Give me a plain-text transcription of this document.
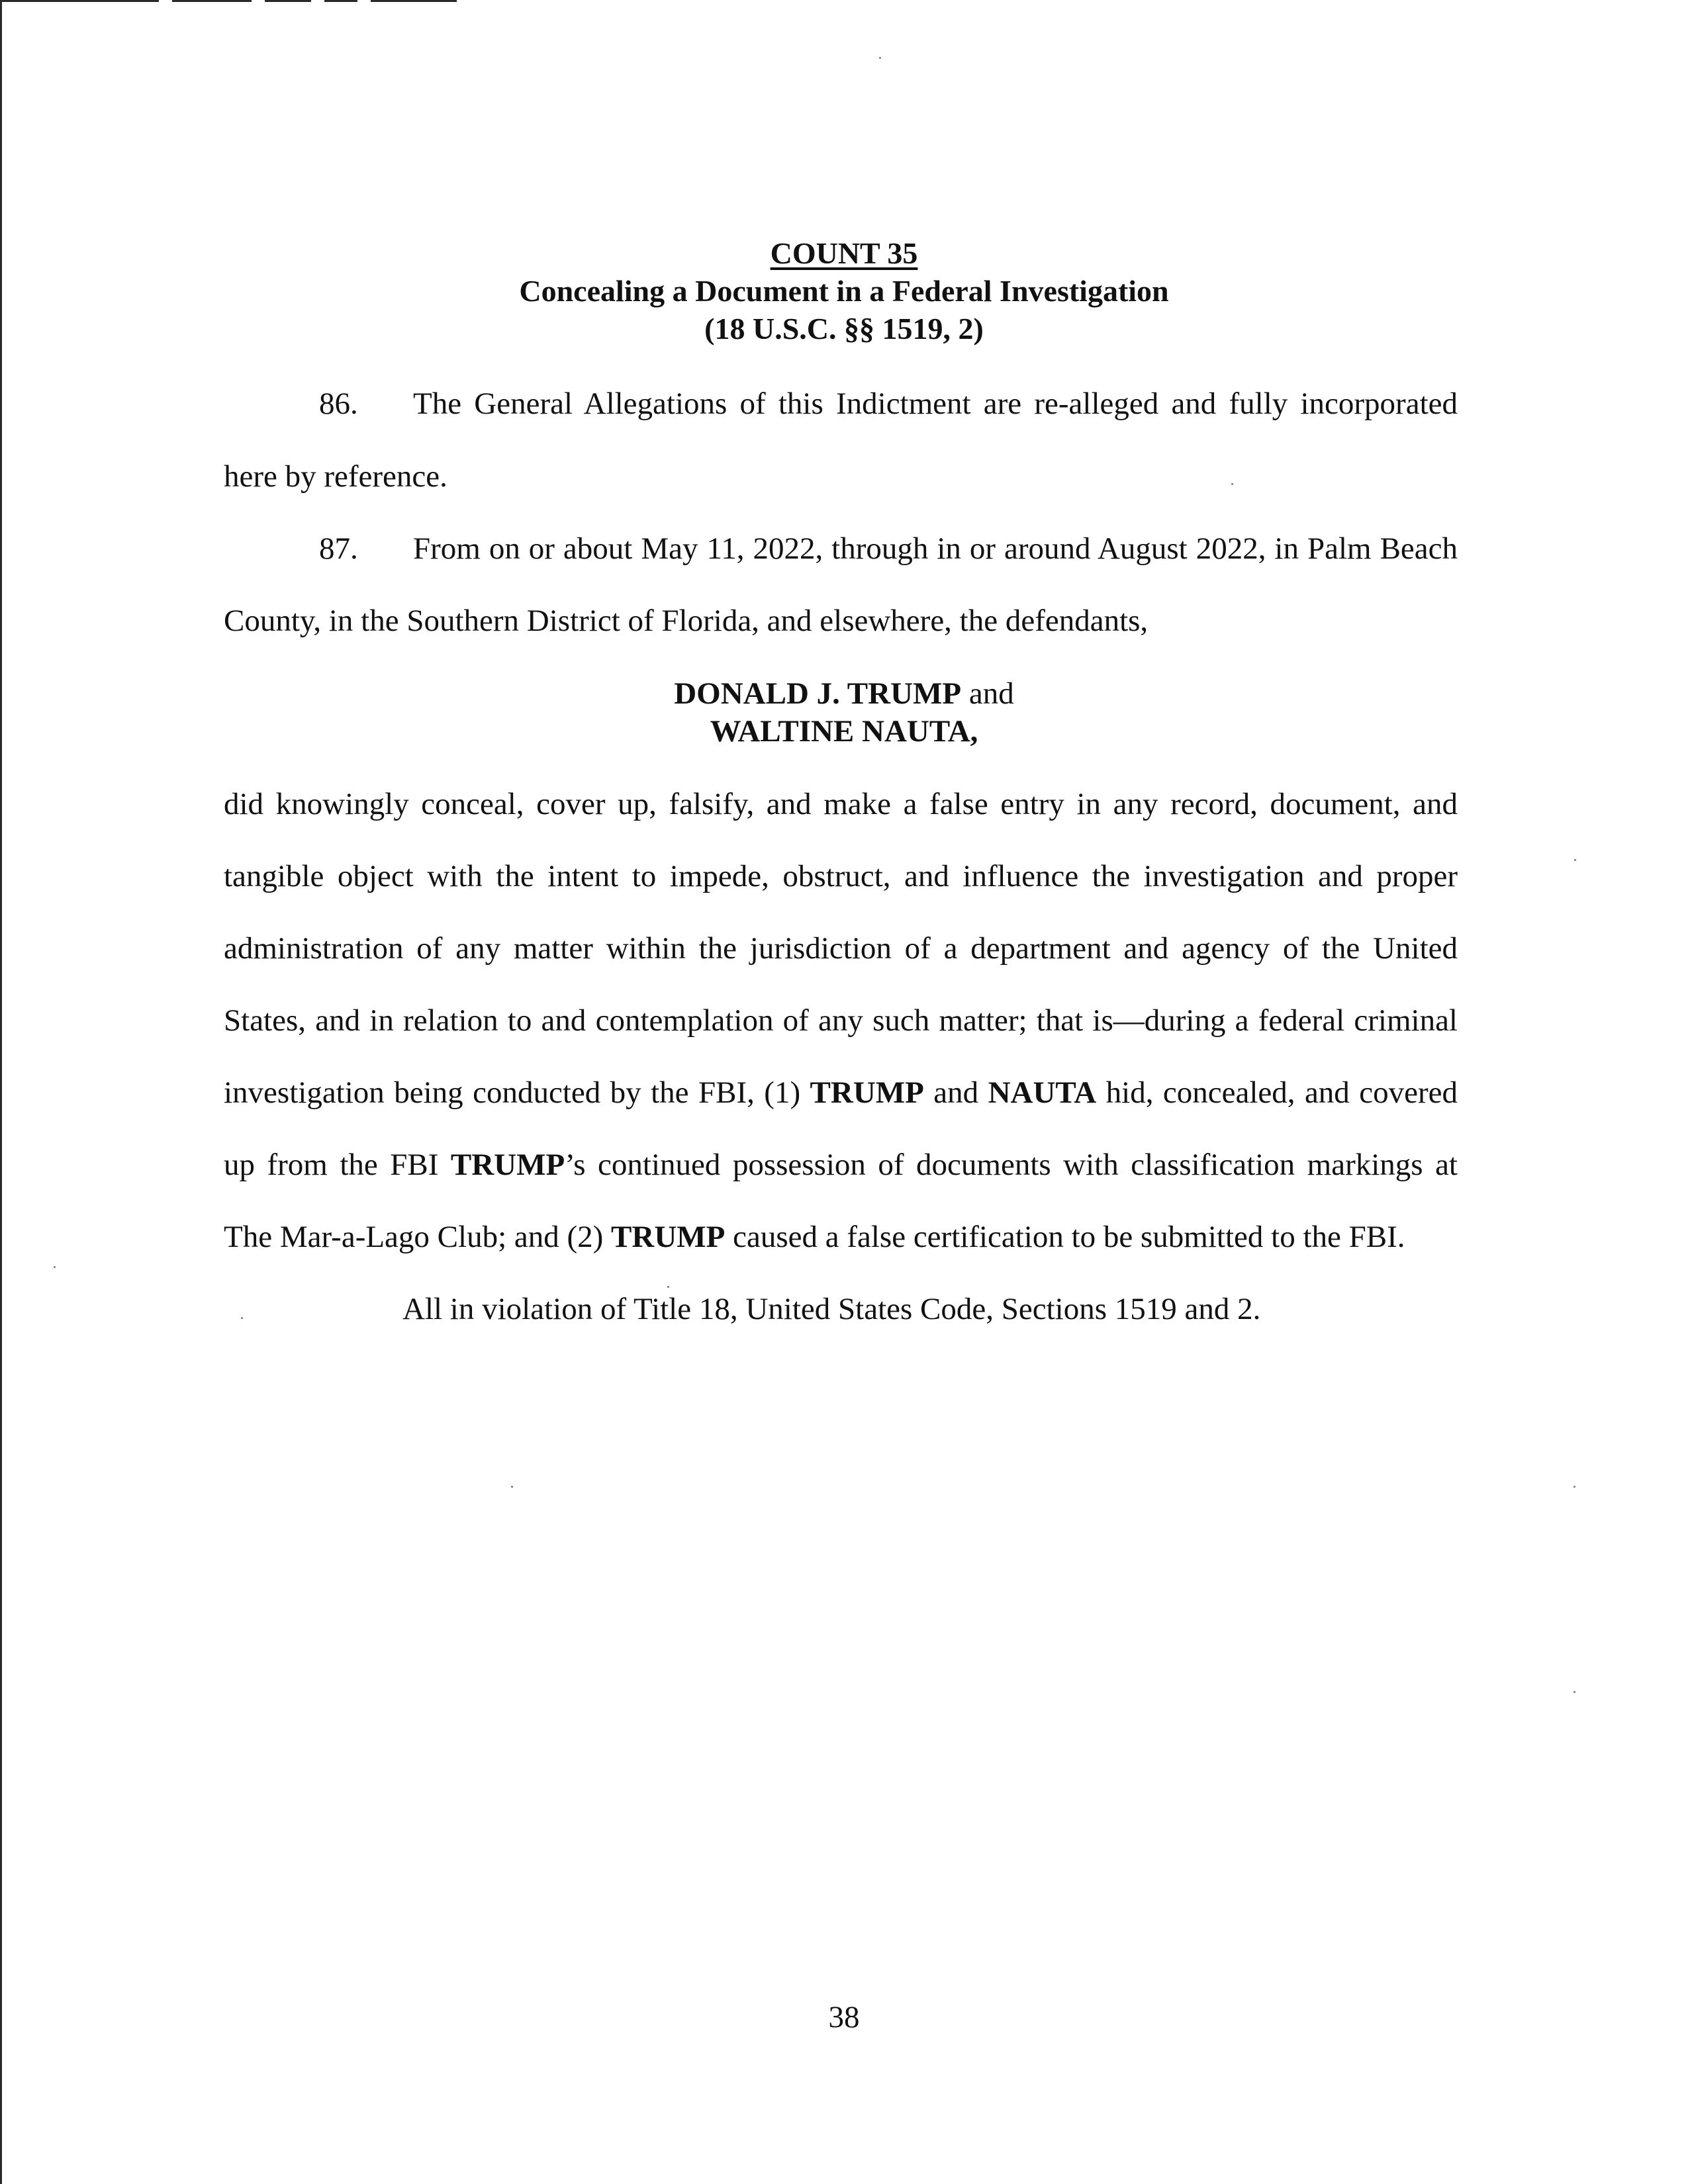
COUNT 35
Concealing a Document in a Federal Investigation
(18 U.S.C. §§ 1519, 2)
86. The General Allegations of this Indictment are re-alleged and fully incorporated
here by reference.
87. From on or about May 11, 2022, through in or around August 2022, in Palm Beach
County, in the Southern District of Florida, and elsewhere, the defendants,
DONALD J. TRUMP and
WALTINE NAUTA,
did knowingly conceal, cover up, falsify, and make a false entry in any record, document, and
tangible object with the intent to impede, obstruct, and influence the investigation and proper
administration of any matter within the jurisdiction of a department and agency of the United
States, and in relation to and contemplation of any such matter; that is—during a federal criminal
investigation being conducted by the FBI, (1) TRUMP and NAUTA hid, concealed, and covered
up from the FBI TRUMP’s continued possession of documents with classification markings at
The Mar-a-Lago Club; and (2) TRUMP caused a false certification to be submitted to the FBI.
All in violation of Title 18, United States Code, Sections 1519 and 2.
38
